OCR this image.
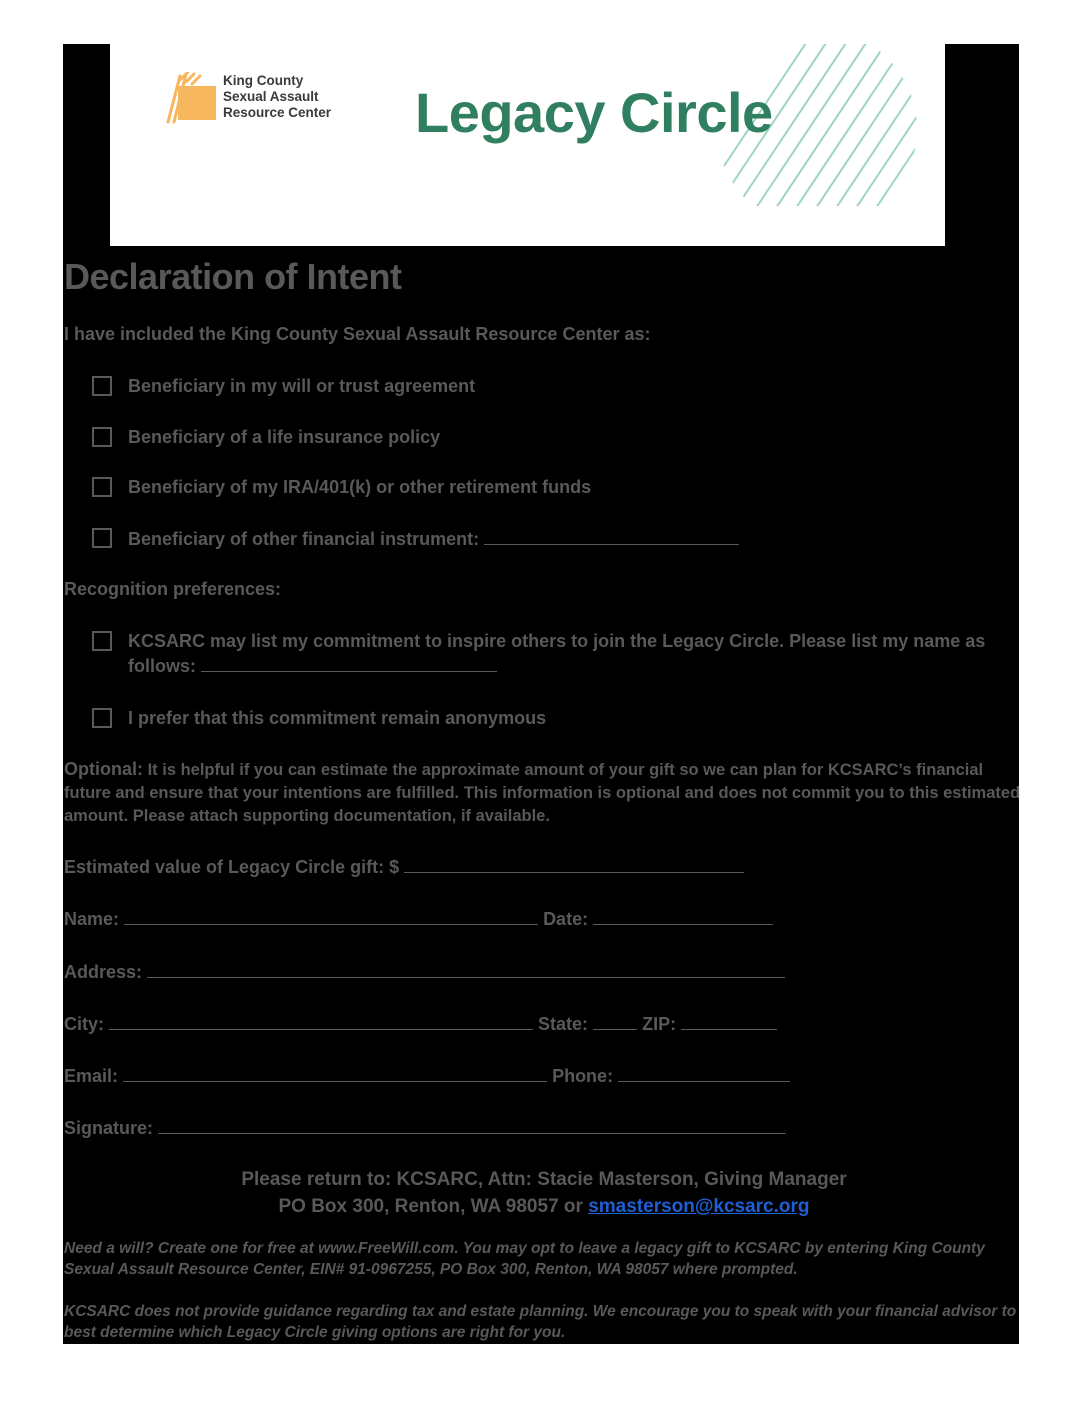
King County
Sexual Assault
Resource Center Legacy Circle
Declaration of Intent
I have included the King County Sexual Assault Resource Center as:
Beneficiary in my will or trust agreement
Beneficiary of a life insurance policy
Beneficiary of my IRA/401(k) or other retirement funds
Beneficiary of other financial instrument:
Recognition preferences:
KCSARC may list my commitment to inspire others to join the Legacy Circle. Please list my name as follows:
I prefer that this commitment remain anonymous
Optional: It is helpful if you can estimate the approximate amount of your gift so we can plan for KCSARC’s financial future and ensure that your intentions are fulfilled. This information is optional and does not commit you to this estimated amount. Please attach supporting documentation, if available.
Estimated value of Legacy Circle gift: $
Name:	Date:
Address:
City:	State:	ZIP:
Email:	Phone:
Signature:
Please return to: KCSARC, Attn: Stacie Masterson, Giving Manager
PO Box 300, Renton, WA 98057 or smasterson@kcsarc.org
Need a will? Create one for free at www.FreeWill.com. You may opt to leave a legacy gift to KCSARC by entering King County Sexual Assault Resource Center, EIN# 91-0967255, PO Box 300, Renton, WA 98057 where prompted.
KCSARC does not provide guidance regarding tax and estate planning. We encourage you to speak with your financial advisor to best determine which Legacy Circle giving options are right for you.
